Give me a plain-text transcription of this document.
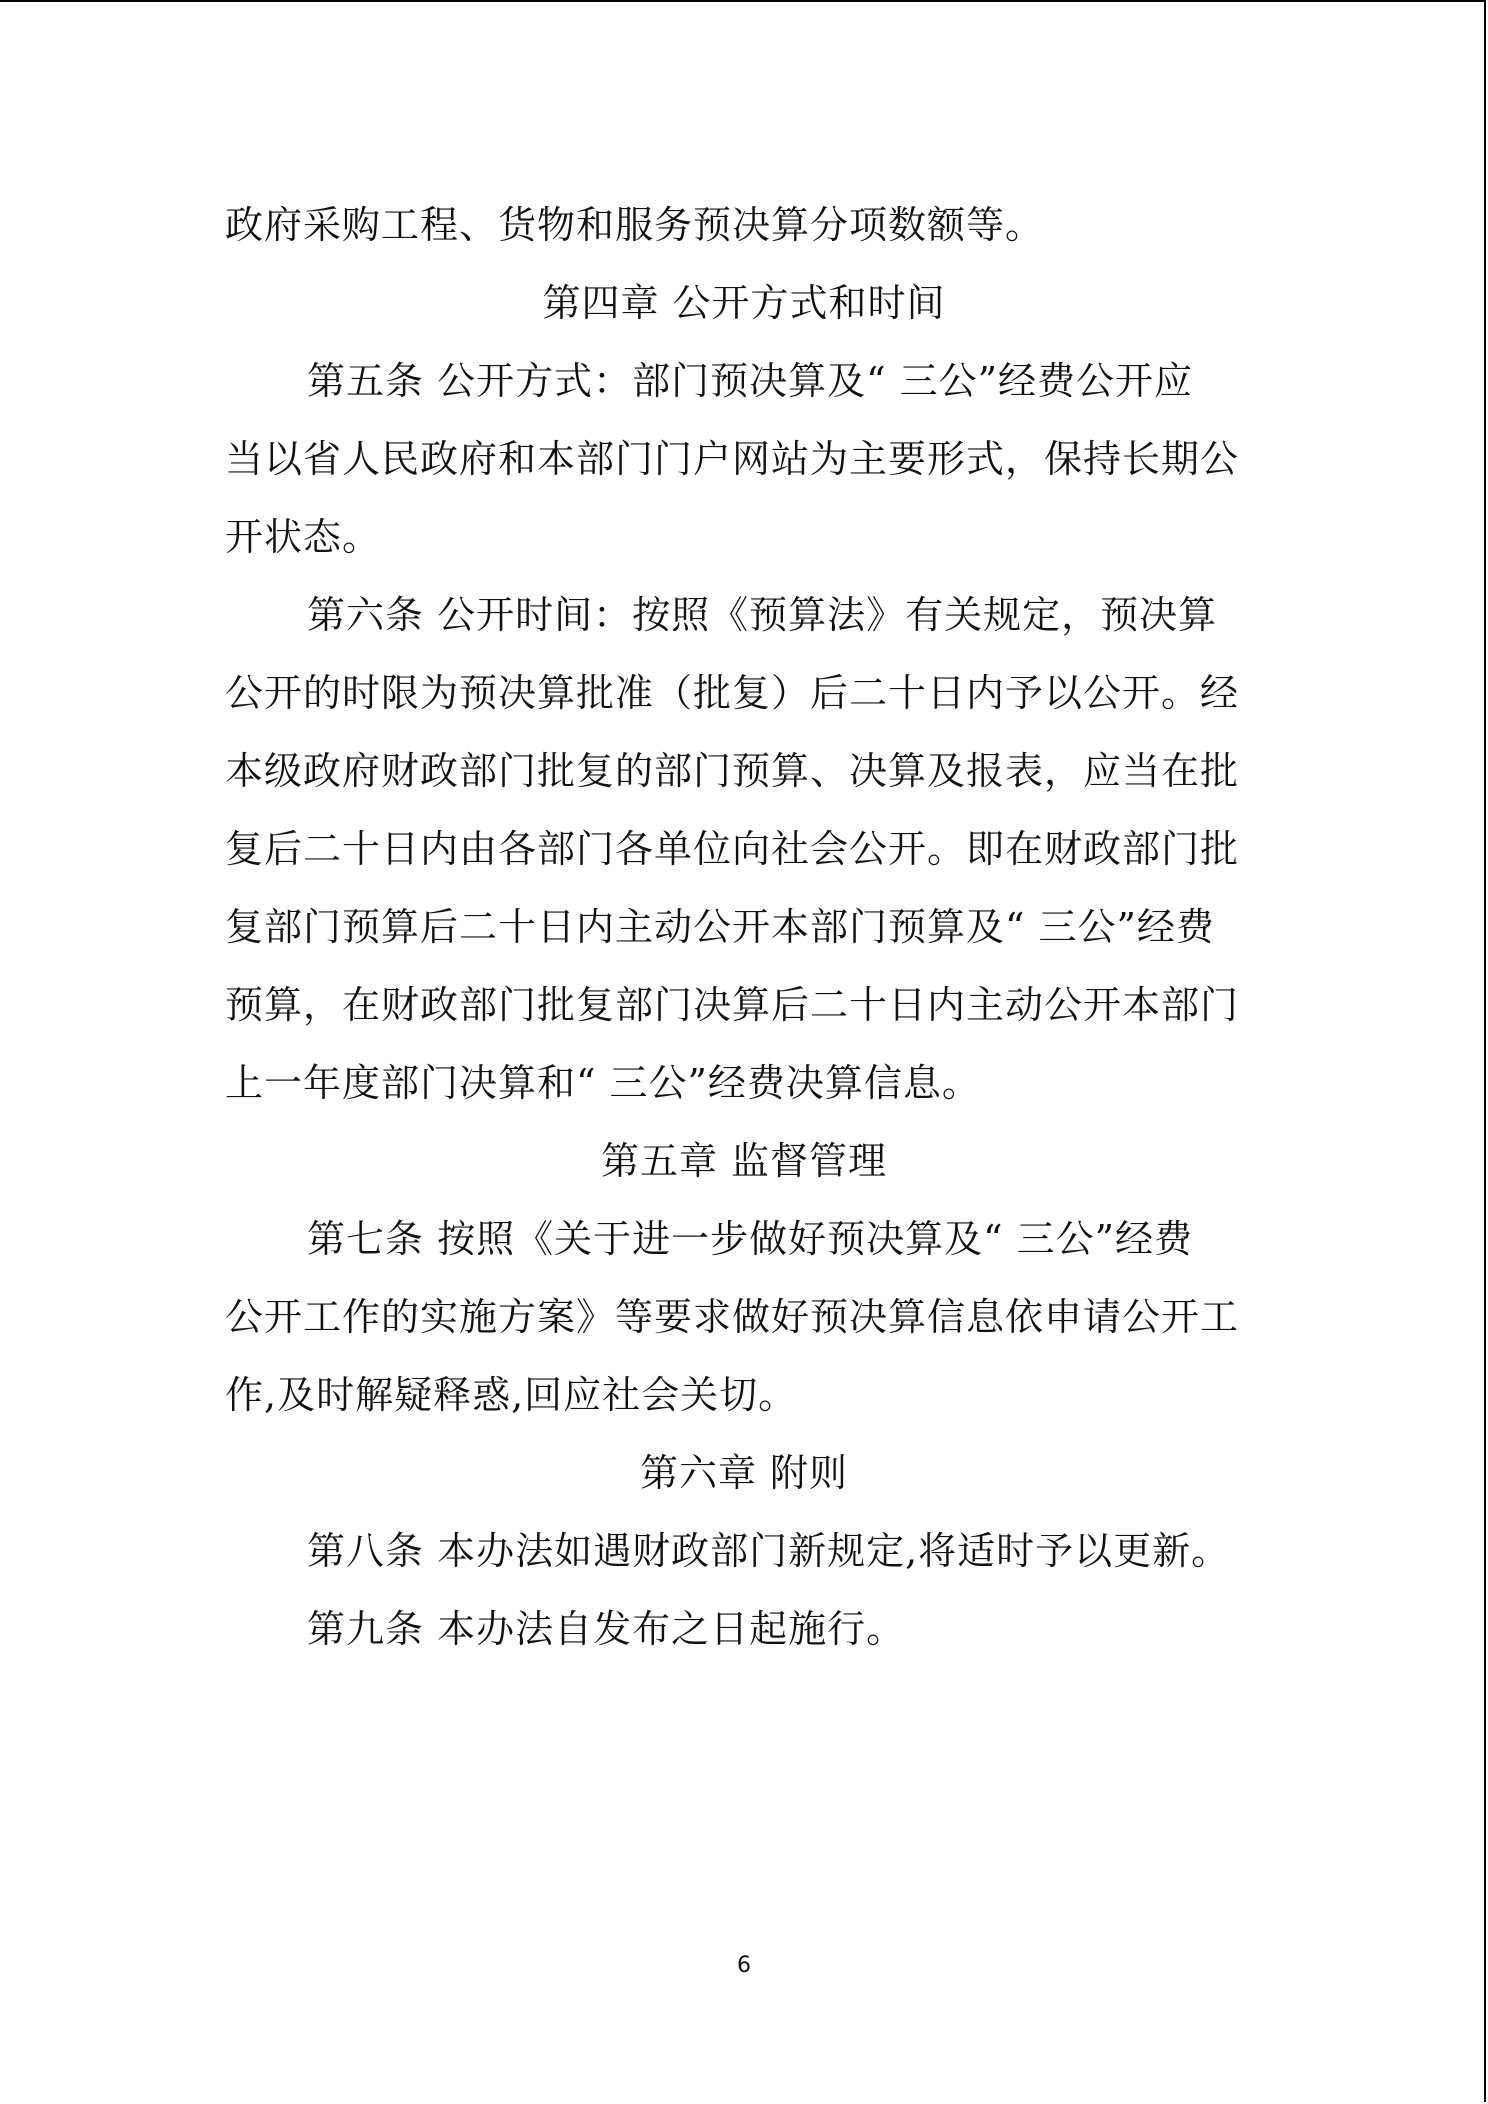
政府采购工程、货物和服务预决算分项数额等。
第四章 公开方式和时间
第五条 公开方式：部门预决算及“ 三公”经费公开应
当以省人民政府和本部门门户网站为主要形式，保持长期公
开状态。
第六条 公开时间：按照《预算法》有关规定，预决算
公开的时限为预决算批准（批复）后二十日内予以公开。经
本级政府财政部门批复的部门预算、决算及报表，应当在批
复后二十日内由各部门各单位向社会公开。即在财政部门批
复部门预算后二十日内主动公开本部门预算及“ 三公”经费
预算，在财政部门批复部门决算后二十日内主动公开本部门
上一年度部门决算和“ 三公”经费决算信息。
第五章 监督管理
第七条 按照《关于进一步做好预决算及“ 三公”经费
公开工作的实施方案》等要求做好预决算信息依申请公开工
作,及时解疑释惑,回应社会关切。
第六章 附则
第八条 本办法如遇财政部门新规定,将适时予以更新。
第九条 本办法自发布之日起施行。
6
